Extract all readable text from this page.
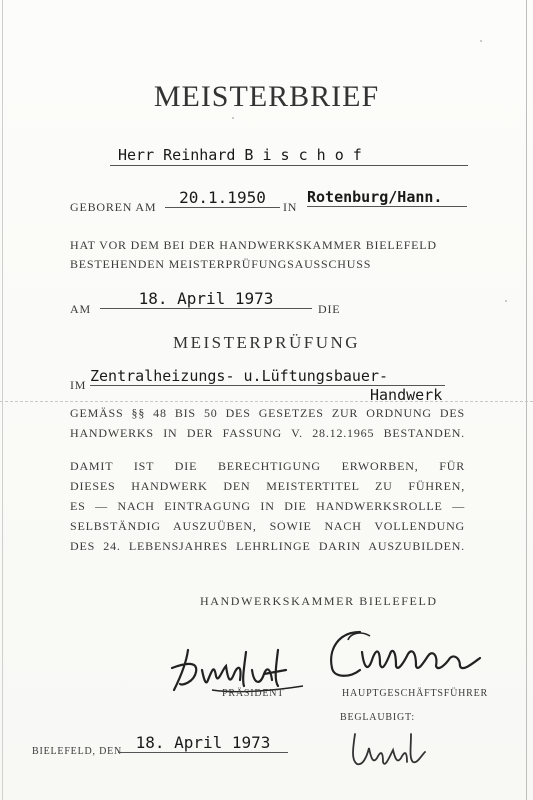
MEISTERBRIEF
Herr Reinhard B i s c h o f
GEBOREN AM	20.1.1950	IN
Rotenburg/Hann.
HAT VOR DEM BEI DER HANDWERKSKAMMER BIELEFELD
BESTEHENDEN MEISTERPRÜFUNGSAUSSCHUSS
AM
18. April 1973
DIE
MEISTERPRÜFUNG
IM Zentralheizungs- u.Lüftungsbauer-
Handwerk
GEMÄSS §§ 48 BIS 50 DES GESETZES ZUR ORDNUNG DES
HANDWERKS IN DER FASSUNG V. 28.12.1965 BESTANDEN.
DAMIT IST DIE BERECHTIGUNG ERWORBEN, FÜR
DIESES HANDWERK DEN MEISTERTITEL ZU FÜHREN,
ES — NACH EINTRAGUNG IN DIE HANDWERKSROLLE —
SELBSTÄNDIG AUSZUÜBEN, SOWIE NACH VOLLENDUNG
DES 24. LEBENSJAHRES LEHRLINGE DARIN AUSZUBILDEN.
HANDWERKSKAMMER BIELEFELD
PRÄSIDENT	HAUPTGESCHÄFTSFÜHRER
BEGLAUBIGT:
BIELEFELD, DEN 18. April 1973
